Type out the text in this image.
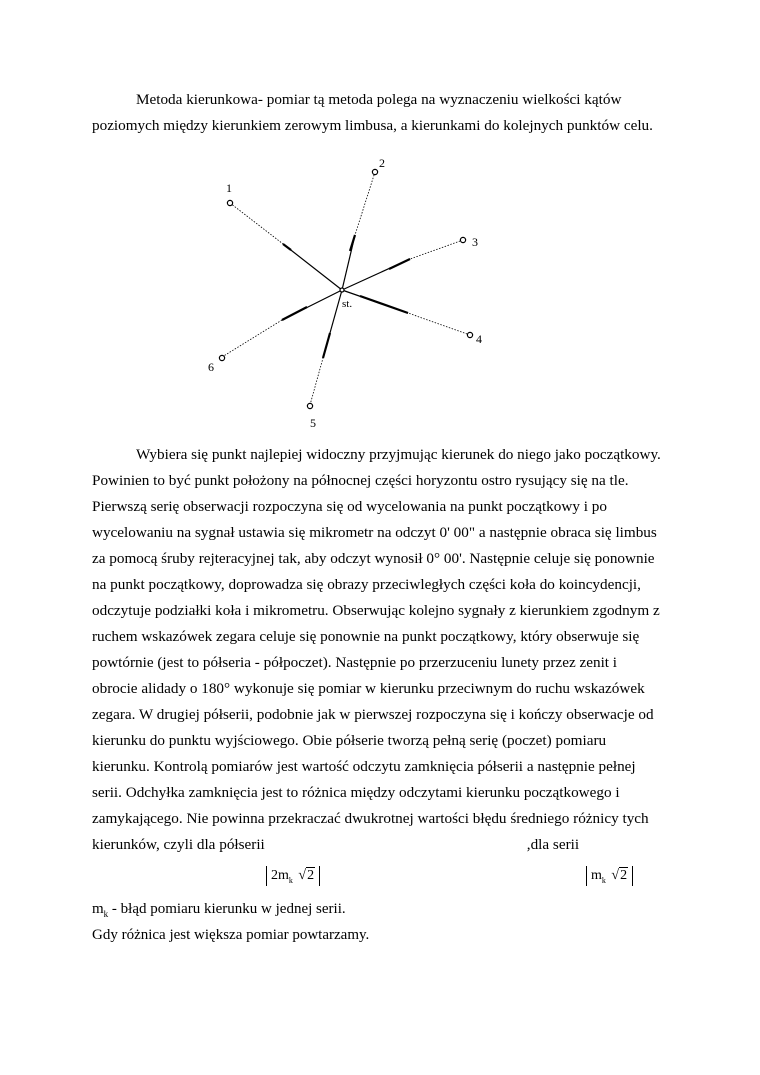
Metoda kierunkowa- pomiar tą metoda polega na wyznaczeniu wielkości kątów
poziomych między kierunkiem zerowym limbusa, a kierunkami do kolejnych punktów celu.
1
2
3
4
5
6
st.
Wybiera się punkt najlepiej widoczny przyjmując kierunek do niego jako początkowy.
Powinien to być punkt położony na północnej części horyzontu ostro rysujący się na tle.
Pierwszą serię obserwacji rozpoczyna się od wycelowania na punkt początkowy i po
wycelowaniu na sygnał ustawia się mikrometr na odczyt 0' 00" a następnie obraca się limbus
za pomocą śruby rejteracyjnej tak, aby odczyt wynosił 0° 00'. Następnie celuje się ponownie
na punkt początkowy, doprowadza się obrazy przeciwległych części koła do koincydencji,
odczytuje podziałki koła i mikrometru. Obserwując kolejno sygnały z kierunkiem zgodnym z
ruchem wskazówek zegara celuje się ponownie na punkt początkowy, który obserwuje się
powtórnie (jest to półseria - półpoczet). Następnie po przerzuceniu lunety przez zenit i
obrocie alidady o 180° wykonuje się pomiar w kierunku przeciwnym do ruchu wskazówek
zegara. W drugiej półserii, podobnie jak w pierwszej rozpoczyna się i kończy obserwacje od
kierunku do punktu wyjściowego. Obie półserie tworzą pełną serię (poczet) pomiaru
kierunku. Kontrolą pomiarów jest wartość odczytu zamknięcia półserii a następnie pełnej
serii. Odchyłka zamknięcia jest to różnica między odczytami kierunku początkowego i
zamykającego. Nie powinna przekraczać dwukrotnej wartości błędu średniego różnicy tych
kierunków, czyli dla półserii	,dla serii
$2m_k$ √2	$m_k$ √2
$m_k$ - błąd pomiaru kierunku w jednej serii.
Gdy różnica jest większa pomiar powtarzamy.
